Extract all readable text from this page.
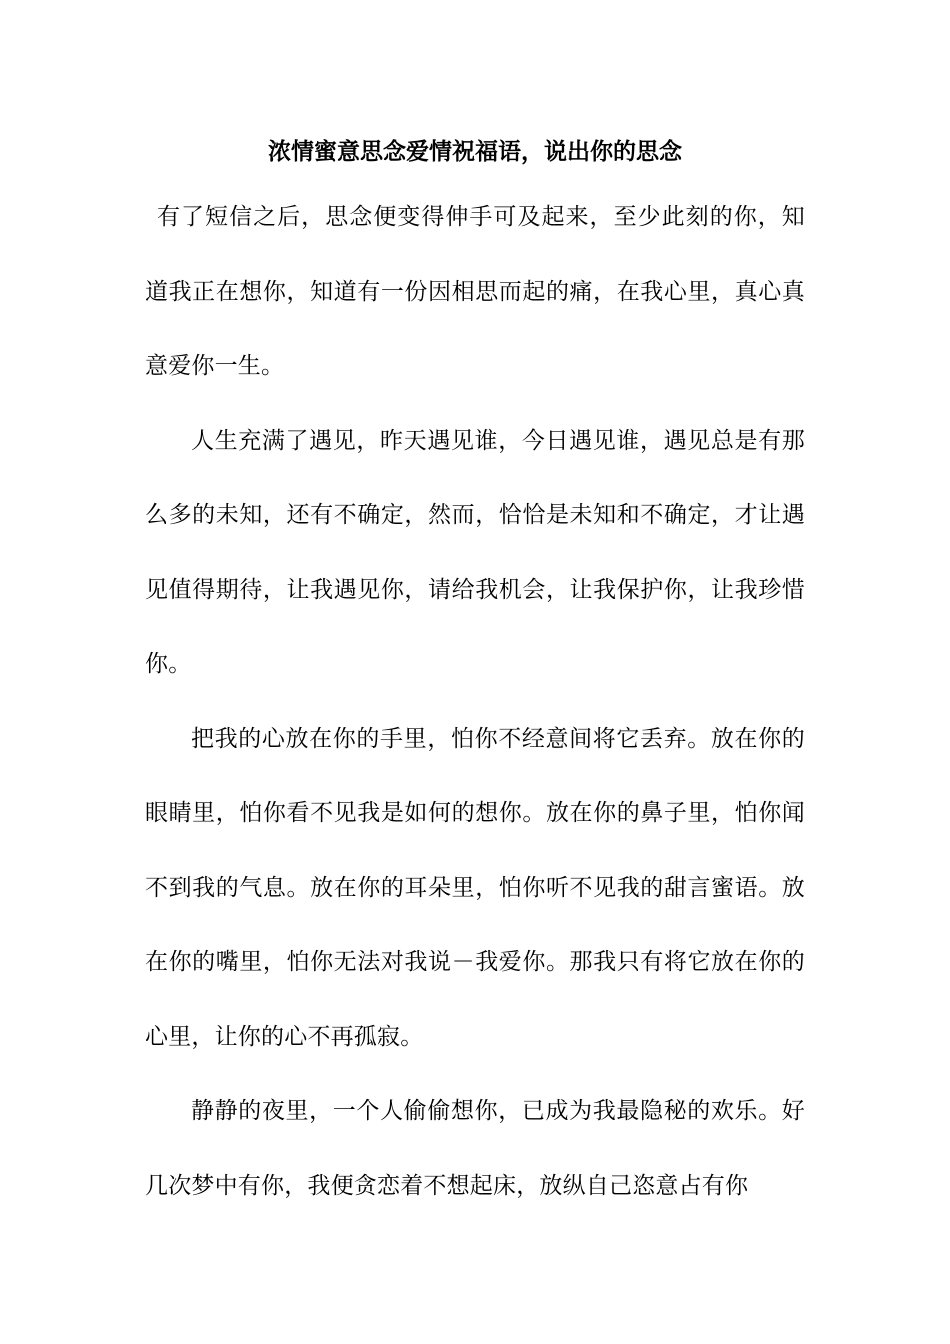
浓情蜜意思念爱情祝福语，说出你的思念

有了短信之后，思念便变得伸手可及起来，至少此刻的你，知道我正在想你，知道有一份因相思而起的痛，在我心里，真心真意爱你一生。

人生充满了遇见，昨天遇见谁，今日遇见谁，遇见总是有那么多的未知，还有不确定，然而，恰恰是未知和不确定，才让遇见值得期待，让我遇见你，请给我机会，让我保护你，让我珍惜你。

把我的心放在你的手里，怕你不经意间将它丢弃。放在你的眼睛里，怕你看不见我是如何的想你。放在你的鼻子里，怕你闻不到我的气息。放在你的耳朵里，怕你听不见我的甜言蜜语。放在你的嘴里，怕你无法对我说－我爱你。那我只有将它放在你的心里，让你的心不再孤寂。

静静的夜里，一个人偷偷想你，已成为我最隐秘的欢乐。好几次梦中有你，我便贪恋着不想起床，放纵自己恣意占有你
